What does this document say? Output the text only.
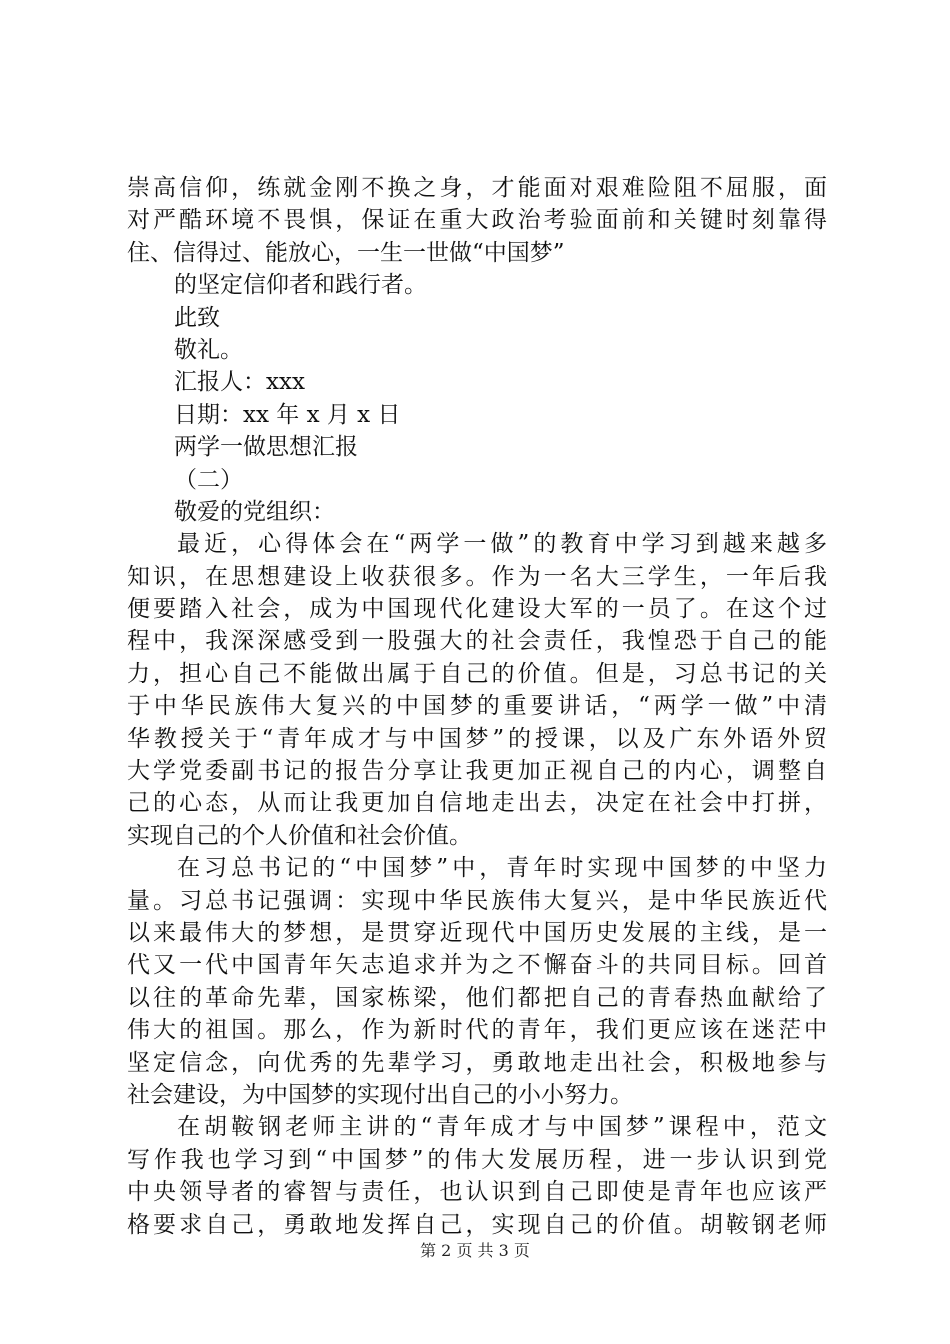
崇高信仰，练就金刚不换之身，才能面对艰难险阻不屈服，面
对严酷环境不畏惧，保证在重大政治考验面前和关键时刻靠得
住、信得过、能放心，一生一世做“中国梦”
的坚定信仰者和践行者。
此致
敬礼。
汇报人：xxx
日期：xx 年 x 月 x 日
两学一做思想汇报
（二）
敬爱的党组织：
最近，心得体会在“两学一做”的教育中学习到越来越多
知识，在思想建设上收获很多。作为一名大三学生，一年后我
便要踏入社会，成为中国现代化建设大军的一员了。在这个过
程中，我深深感受到一股强大的社会责任，我惶恐于自己的能
力，担心自己不能做出属于自己的价值。但是，习总书记的关
于中华民族伟大复兴的中国梦的重要讲话，“两学一做”中清
华教授关于“青年成才与中国梦”的授课，以及广东外语外贸
大学党委副书记的报告分享让我更加正视自己的内心，调整自
己的心态，从而让我更加自信地走出去，决定在社会中打拼，
实现自己的个人价值和社会价值。
在习总书记的“中国梦”中，青年时实现中国梦的中坚力
量。习总书记强调：实现中华民族伟大复兴，是中华民族近代
以来最伟大的梦想，是贯穿近现代中国历史发展的主线，是一
代又一代中国青年矢志追求并为之不懈奋斗的共同目标。回首
以往的革命先辈，国家栋梁，他们都把自己的青春热血献给了
伟大的祖国。那么，作为新时代的青年，我们更应该在迷茫中
坚定信念，向优秀的先辈学习，勇敢地走出社会，积极地参与
社会建设，为中国梦的实现付出自己的小小努力。
在胡鞍钢老师主讲的“青年成才与中国梦”课程中，范文
写作我也学习到“中国梦”的伟大发展历程，进一步认识到党
中央领导者的睿智与责任，也认识到自己即使是青年也应该严
格要求自己，勇敢地发挥自己，实现自己的价值。胡鞍钢老师
第 2 页 共 3 页
